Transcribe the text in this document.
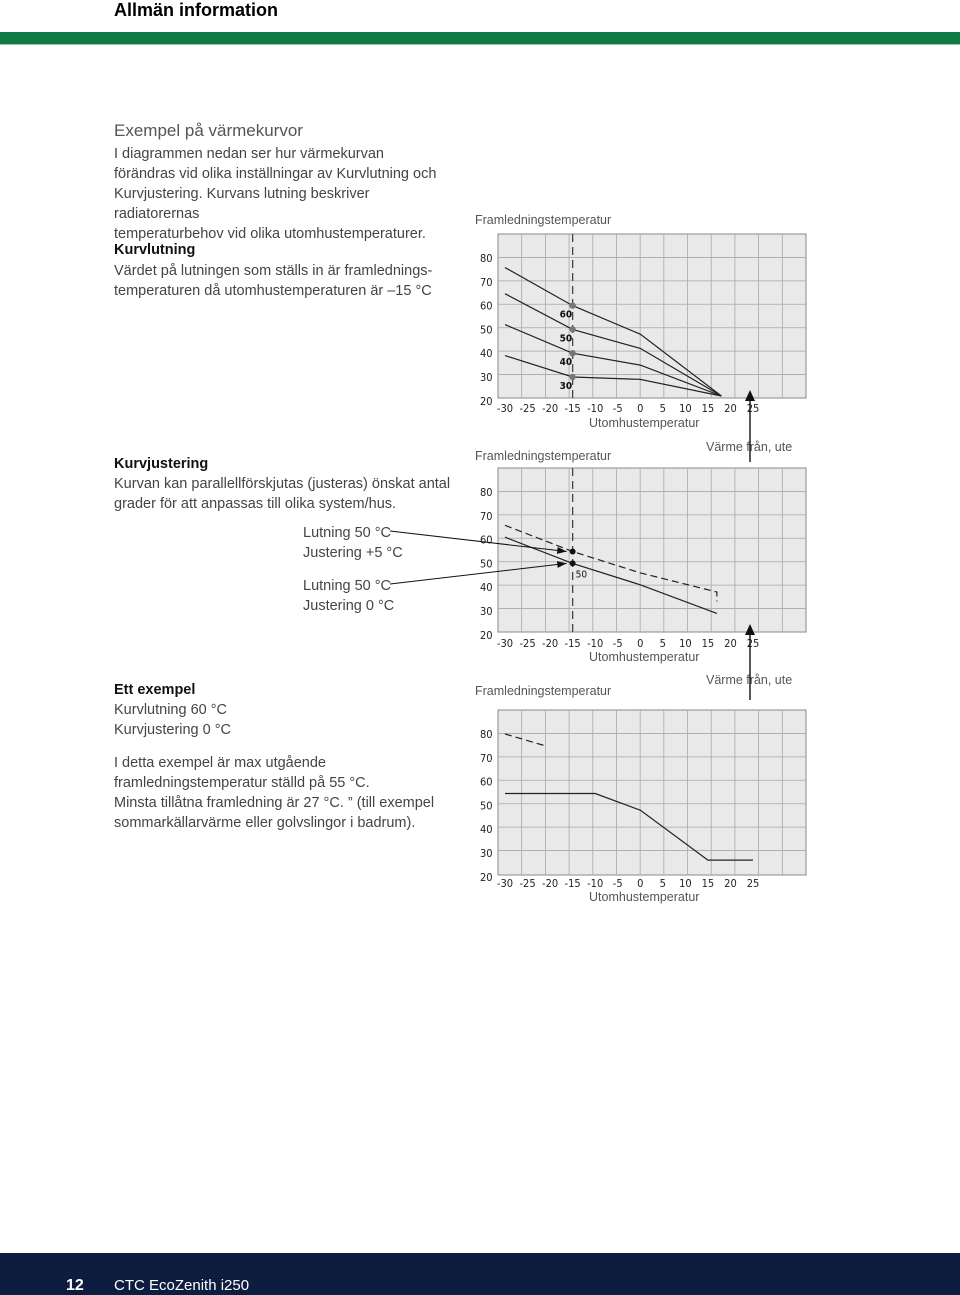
Allmän information
Exempel på värmekurvor
I diagrammen nedan ser hur värmekurvan
förändras vid olika inställningar av Kurvlutning och
Kurvjustering. Kurvans lutning beskriver radiatorernas
temperaturbehov vid olika utomhustemperaturer.
Kurvlutning
Värdet på lutningen som ställs in är framlednings-
temperaturen då utomhustemperaturen är –15 °C
Kurvjustering
Kurvan kan parallellförskjutas (justeras) önskat antal
grader för att anpassas till olika system/hus.
Lutning 50 °C
Justering +5 °C
Lutning 50 °C
Justering 0 °C
Ett exempel
Kurvlutning 60 °C
Kurvjustering 0 °C
I detta exempel är max utgående
framledningstemperatur ställd på 55 °C.
Minsta tillåtna framledning är 27 °C. ” (till exempel
sommarkällarvärme eller golvslingor i badrum).
Framledningstemperatur
Utomhustemperatur
Framledningstemperatur
Värme från, ute
Utomhustemperatur
Framledningstemperatur
Värme från, ute
Utomhustemperatur
80
70
60
50
40
30
20
-30 -25 -20 -15 -10 -5 0 5 10 15 20 25
60
50
40
30
80
70
60
50
40
30
20
-30 -25 -20 -15 -10 -5 0 5 10 15 20 25
50
80
70
60
50
40
30
20 -30 -25 -20 -15 -10 -5 0 5 10 15 20 25
12 CTC EcoZenith i250
